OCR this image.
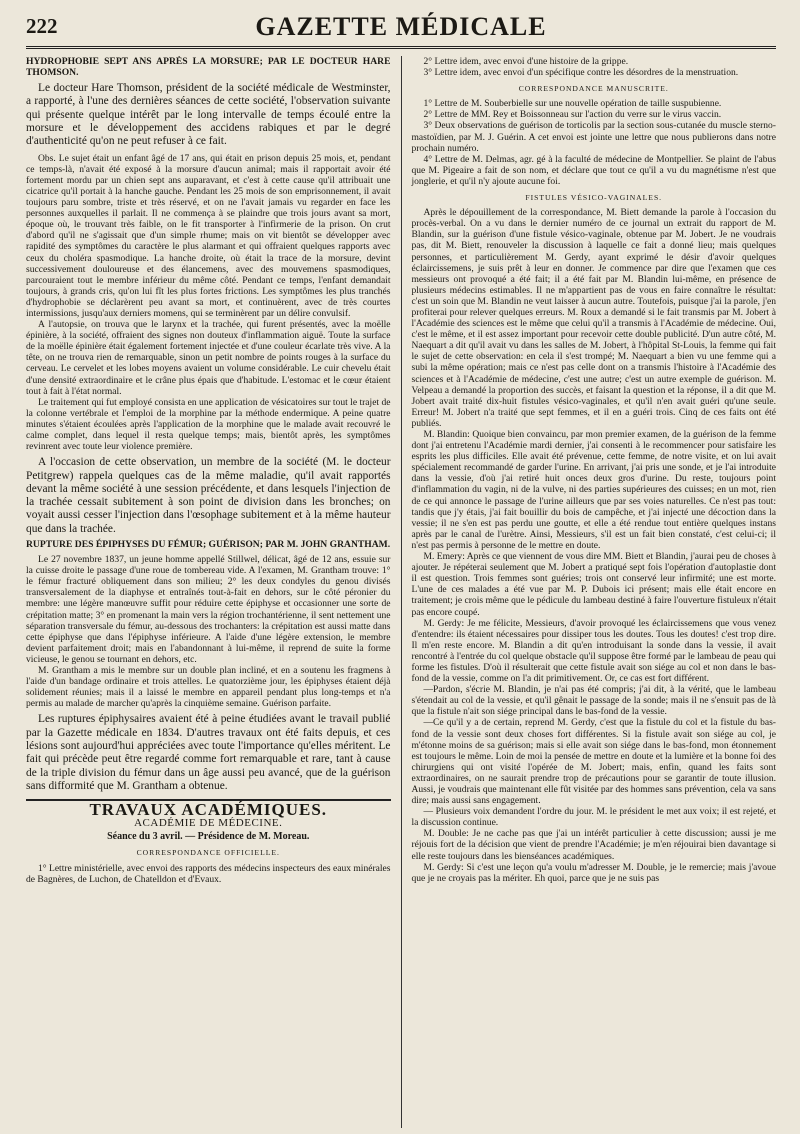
222	GAZETTE MÉDICALE

HYDROPHOBIE SEPT ANS APRÈS LA MORSURE; PAR LE DOCTEUR HARE THOMSON.

Le docteur Hare Thomson, président de la société médicale de Westminster, a rapporté, à l'une des dernières séances de cette société, l'observation suivante qui présente quelque intérêt par le long intervalle de temps écoulé entre la morsure et le développement des accidens rabiques et par le degré d'authenticité qu'on ne peut refuser à ce fait.

Obs. Le sujet était un enfant âgé de 17 ans, qui était en prison depuis 25 mois, et, pendant ce temps-là, n'avait été exposé à la morsure d'aucun animal; mais il rapportait avoir été fortement mordu par un chien sept ans auparavant, et c'est à cette cause qu'il attribuait une cicatrice qu'il portait à la hanche gauche. Pendant les 25 mois de son emprisonnement, il avait toujours paru sombre, triste et très réservé, et on ne l'avait jamais vu regarder en face les personnes auxquelles il parlait. Il ne commença à se plaindre que trois jours avant sa mort, époque où, le trouvant très faible, on le fit transporter à l'infirmerie de la prison. On crut d'abord qu'il ne s'agissait que d'un simple rhume; mais on vit bientôt se développer avec rapidité des symptômes du caractère le plus alarmant et qui offraient quelques rapports avec ceux du choléra spasmodique. La hanche droite, où était la trace de la morsure, devint successivement douloureuse et des élancemens, avec des mouvemens spasmodiques, parcouraient tout le membre inférieur du même côté. Pendant ce temps, l'enfant demandait toujours, à grands cris, qu'on lui fît les plus fortes frictions. Les symptômes les plus tranchés d'hydrophobie se déclarèrent peu avant sa mort, et continuèrent, avec de très courtes intermissions, jusqu'aux derniers momens, qui se terminèrent par un délire convulsif.

A l'autopsie, on trouva que le larynx et la trachée, qui furent présentés, avec la moëlle épinière, à la société, offraient des signes non douteux d'inflammation aiguë. Toute la surface de la moëlle épinière était également fortement injectée et d'une couleur écarlate très vive. A la tête, on ne trouva rien de remarquable, sinon un petit nombre de points rouges à la surface du cerveau. Le cervelet et les lobes moyens avaient un volume considérable. Le cuir chevelu était d'une densité extraordinaire et le crâne plus épais que d'habitude. L'estomac et le cœur étaient tout à fait à l'état normal.

Le traitement qui fut employé consista en une application de vésicatoires sur tout le trajet de la colonne vertébrale et l'emploi de la morphine par la méthode endermique. A peine quatre minutes s'étaient écoulées après l'application de la morphine que le malade avait recouvré le calme complet, dans lequel il resta quelque temps; mais, bientôt après, les symptômes revinrent avec toute leur violence première.

A l'occasion de cette observation, un membre de la société (M. le docteur Petitgrew) rappela quelques cas de la même maladie, qu'il avait rapportés devant la même société à une session précédente, et dans lesquels l'injection de la trachée cessait subitement à son point de division dans les bronches; on voyait aussi cesser l'injection dans l'œsophage subitement et à la même hauteur que dans la trachée.

RUPTURE DES ÉPIPHYSES DU FÉMUR; GUÉRISON; PAR M. JOHN GRANTHAM.

Le 27 novembre 1837, un jeune homme appellé Stillwel, délicat, âgé de 12 ans, essuie sur la cuisse droite le passage d'une roue de tombereau vide. A l'examen, M. Grantham trouve: 1° le fémur fracturé obliquement dans son milieu; 2° les deux condyles du genou divisés transversalement de la diaphyse et entraînés tout-à-fait en dehors, sur le côté péronier du membre: une légère manœuvre suffit pour réduire cette épiphyse et occasionner une sorte de crépitation matte; 3° en promenant la main vers la région trochantérienne, il sent nettement une séparation transversale du fémur, au-dessous des trochanters: la crépitation est aussi matte dans cette épiphyse que dans l'épiphyse inférieure. A l'aide d'une légère extension, le membre devient parfaitement droit; mais en l'abandonnant à lui-même, il reprend de suite la forme vicieuse, le genou se tournant en dehors, etc.

M. Grantham a mis le membre sur un double plan incliné, et en a soutenu les fragmens à l'aide d'un bandage ordinaire et trois attelles. Le quatorzième jour, les épiphyses étaient déjà solidement réunies; mais il a laissé le membre en appareil pendant plus long-temps et n'a permis au malade de marcher qu'après la cinquième semaine. Guérison parfaite.

Les ruptures épiphysaires avaient été à peine étudiées avant le travail publié par la Gazette médicale en 1834. D'autres travaux ont été faits depuis, et ces lésions sont aujourd'hui appréciées avec toute l'importance qu'elles méritent. Le fait qui précède peut être regardé comme fort remarquable et rare, tant à cause de la triple division du fémur dans un âge aussi peu avancé, que de la guérison sans difformité que M. Grantham a obtenue.

TRAVAUX ACADÉMIQUES.

ACADÉMIE DE MÉDECINE.

Séance du 3 avril. — Présidence de M. Moreau.

CORRESPONDANCE OFFICIELLE.

1° Lettre ministérielle, avec envoi des rapports des médecins inspecteurs des eaux minérales de Bagnères, de Luchon, de Chatelldon et d'Evaux.

2° Lettre idem, avec envoi d'une histoire de la grippe.

3° Lettre idem, avec envoi d'un spécifique contre les désordres de la menstruation.

CORRESPONDANCE MANUSCRITE.

1° Lettre de M. Souberbielle sur une nouvelle opération de taille suspubienne.

2° Lettre de MM. Rey et Boissonneau sur l'action du verre sur le virus vaccin.

3° Deux observations de guérison de torticolis par la section sous-cutanée du muscle sterno-mastoïdien, par M. J. Guérin. A cet envoi est jointe une lettre que nous publierons dans notre prochain numéro.

4° Lettre de M. Delmas, agr. gé à la faculté de médecine de Montpellier. Se plaint de l'abus que M. Pigeaire a fait de son nom, et déclare que tout ce qu'il a vu du magnétisme n'est que jonglerie, et qu'il n'y ajoute aucune foi.

FISTULES VÉSICO-VAGINALES.

Après le dépouillement de la correspondance, M. Biett demande la parole à l'occasion du procès-verbal. On a vu dans le dernier numéro de ce journal un extrait du rapport de M. Blandin, sur la guérison d'une fistule vésico-vaginale, obtenue par M. Jobert. Je ne voudrais pas, dit M. Biett, renouveler la discussion à laquelle ce fait a donné lieu; mais quelques personnes, et particulièrement M. Gerdy, ayant exprimé le désir d'avoir quelques éclaircissemens, je suis prêt à leur en donner. Je commence par dire que l'examen que ces messieurs ont provoqué a été fait; il a été fait par M. Blandin lui-même, en présence de plusieurs médecins estimables. Il ne m'appartient pas de vous en faire connaître le résultat: c'est un soin que M. Blandin ne veut laisser à aucun autre. Toutefois, puisque j'ai la parole, j'en profiterai pour relever quelques erreurs. M. Roux a demandé si le fait transmis par M. Jobert à l'Académie des sciences est le même que celui qu'il a transmis à l'Académie de médecine. Oui, c'est le même, et il est assez important pour recevoir cette double publicité. D'un autre côté, M. Naequart a dit qu'il avait vu dans les salles de M. Jobert, à l'hôpital St-Louis, la femme qui fait le sujet de cette observation: en cela il s'est trompé; M. Naequart a bien vu une femme qui a subi la même opération; mais ce n'est pas celle dont on a transmis l'histoire à l'Académie des sciences et à l'Académie de médecine, c'est une autre; c'est un autre exemple de guérison. M. Velpeau a demandé la proportion des succès, et faisant la question et la réponse, il a dit que M. Jobert avait traité dix-huit fistules vésico-vaginales, et qu'il n'en avait guéri qu'une seule. Erreur! M. Jobert n'a traité que sept femmes, et il en a guéri trois. Cinq de ces faits ont été publiés.

M. Blandin: Quoique bien convaincu, par mon premier examen, de la guérison de la femme dont j'ai entretenu l'Académie mardi dernier, j'ai consenti à le recommencer pour satisfaire les esprits les plus difficiles. Elle avait été prévenue, cette femme, de notre visite, et on lui avait spécialement recommandé de garder l'urine. En arrivant, j'ai pris une sonde, et je l'ai introduite dans la vessie, d'où j'ai retiré huit onces deux gros d'urine. Du reste, toujours point d'inflammation du vagin, ni de la vulve, ni des parties supérieures des cuisses; en un mot, rien de ce qui annonce le passage de l'urine ailleurs que par ses voies naturelles. Ce n'est pas tout: tandis que j'y étais, j'ai fait bouillir du bois de campêche, et j'ai injecté une décoction dans la vessie; il ne s'en est pas perdu une goutte, et elle a été rendue tout entière quelques instans après par le canal de l'urètre. Ainsi, Messieurs, s'il est un fait bien constaté, c'est celui-ci; il n'est pas permis à personne de le mettre en doute.

M. Emery: Après ce que viennent de vous dire MM. Biett et Blandin, j'aurai peu de choses à ajouter. Je répéterai seulement que M. Jobert a pratiqué sept fois l'opération d'autoplastie dont il est question. Trois femmes sont guéries; trois ont conservé leur infirmité; une est morte. L'une de ces malades a été vue par M. P. Dubois ici présent; mais elle était encore en traitement; je crois même que le pédicule du lambeau destiné à faire l'ouverture fistuleux n'était pas encore coupé.

M. Gerdy: Je me félicite, Messieurs, d'avoir provoqué les éclaircissemens que vous venez d'entendre: ils étaient nécessaires pour dissiper tous les doutes. Tous les doutes! c'est trop dire. Il m'en reste encore. M. Blandin a dit qu'en introduisant la sonde dans la vessie, il avait rencontré à l'entrée du col quelque obstacle qu'il suppose être formé par le lambeau de peau qui forme les fistules. D'où il résulterait que cette fistule avait son siége au col et non dans le bas-fond de la vessie, comme on l'a dit primitivement. Or, ce cas est fort différent.

—Pardon, s'écrie M. Blandin, je n'ai pas été compris; j'ai dit, à la vérité, que le lambeau s'étendait au col de la vessie, et qu'il gênait le passage de la sonde; mais il ne s'ensuit pas de là que la fistule n'ait son siége principal dans le bas-fond de la vessie.

—Ce qu'il y a de certain, reprend M. Gerdy, c'est que la fistule du col et la fistule du bas-fond de la vessie sont deux choses fort différentes. Si la fistule avait son siége au col, je m'étonne moins de sa guérison; mais si elle avait son siége dans le bas-fond, mon étonnement est toujours le même. Loin de moi la pensée de mettre en doute et la lumière et la bonne foi des chirurgiens qui ont visité l'opérée de M. Jobert; mais, enfin, quand les faits sont extraordinaires, on ne saurait prendre trop de précautions pour se garantir de toute illusion. Aussi, je voudrais que maintenant elle fût visitée par des hommes sans prévention, cela va sans dire; mais aussi sans engagement.

— Plusieurs voix demandent l'ordre du jour. M. le président le met aux voix; il est rejeté, et la discussion continue.

M. Double: Je ne cache pas que j'ai un intérêt particulier à cette discussion; aussi je me réjouis fort de la décision que vient de prendre l'Académie; je m'en réjouirai bien davantage si elle reste toujours dans les bienséances académiques.

M. Gerdy: Si c'est une leçon qu'a voulu m'adresser M. Double, je le remercie; mais j'avoue que je ne croyais pas la mériter. Eh quoi, parce que je ne suis pas
